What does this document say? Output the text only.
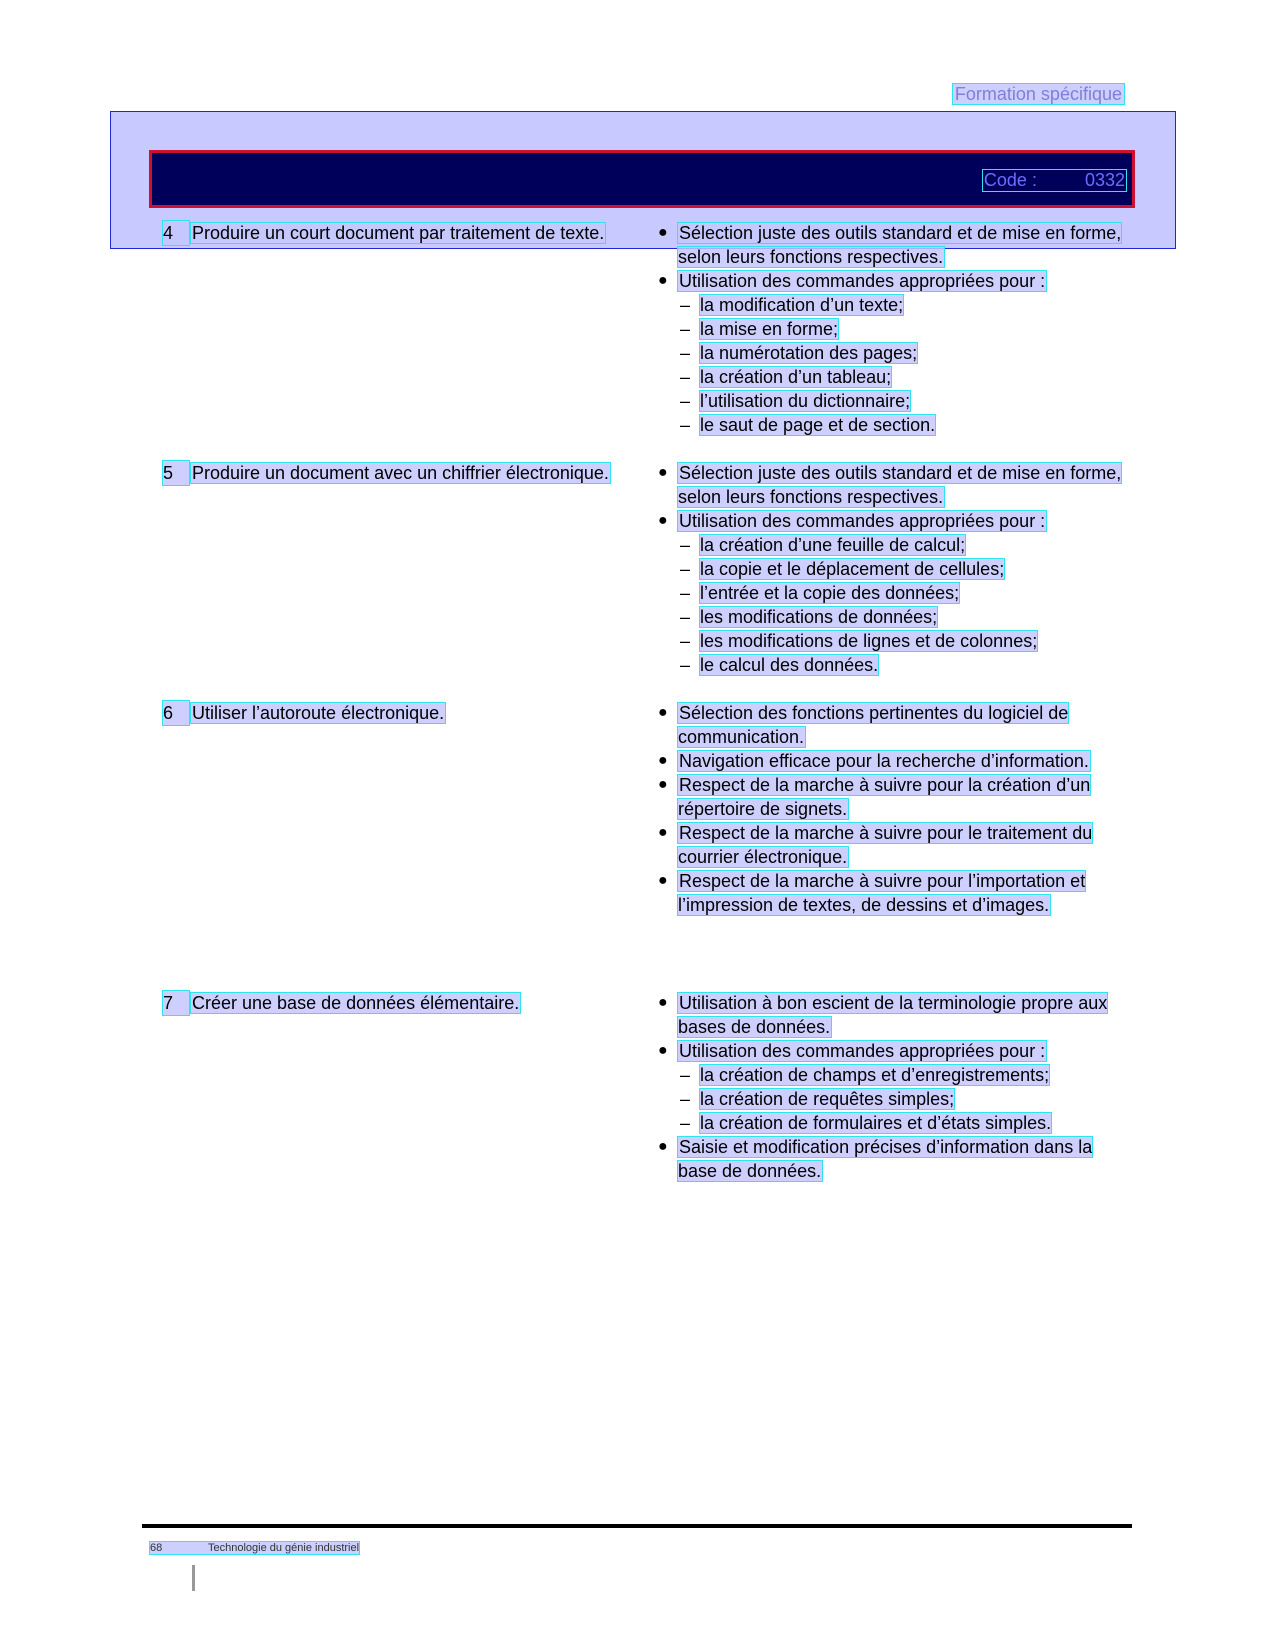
Formation spécifique
Code :	0332
4	Produire un court document par traitement de texte.	● Sélection juste des outils standard et de mise en forme, selon leurs fonctions respectives.
● Utilisation des commandes appropriées pour :
– la modification d’un texte;
– la mise en forme;
– la numérotation des pages;
– la création d’un tableau;
– l’utilisation du dictionnaire;
– le saut de page et de section.
5	Produire un document avec un chiffrier électronique.	● Sélection juste des outils standard et de mise en forme, selon leurs fonctions respectives.
● Utilisation des commandes appropriées pour :
– la création d’une feuille de calcul;
– la copie et le déplacement de cellules;
– l’entrée et la copie des données;
– les modifications de données;
– les modifications de lignes et de colonnes;
– le calcul des données.
6	Utiliser l’autoroute électronique.	● Sélection des fonctions pertinentes du logiciel de communication.
● Navigation efficace pour la recherche d’information.
● Respect de la marche à suivre pour la création d’un répertoire de signets.
● Respect de la marche à suivre pour le traitement du courrier électronique.
● Respect de la marche à suivre pour l’importation et l’impression de textes, de dessins et d’images.
7	Créer une base de données élémentaire.	● Utilisation à bon escient de la terminologie propre aux bases de données.
● Utilisation des commandes appropriées pour :
– la création de champs et d’enregistrements;
– la création de requêtes simples;
– la création de formulaires et d’états simples.
● Saisie et modification précises d’information dans la base de données.
68	Technologie du génie industriel
